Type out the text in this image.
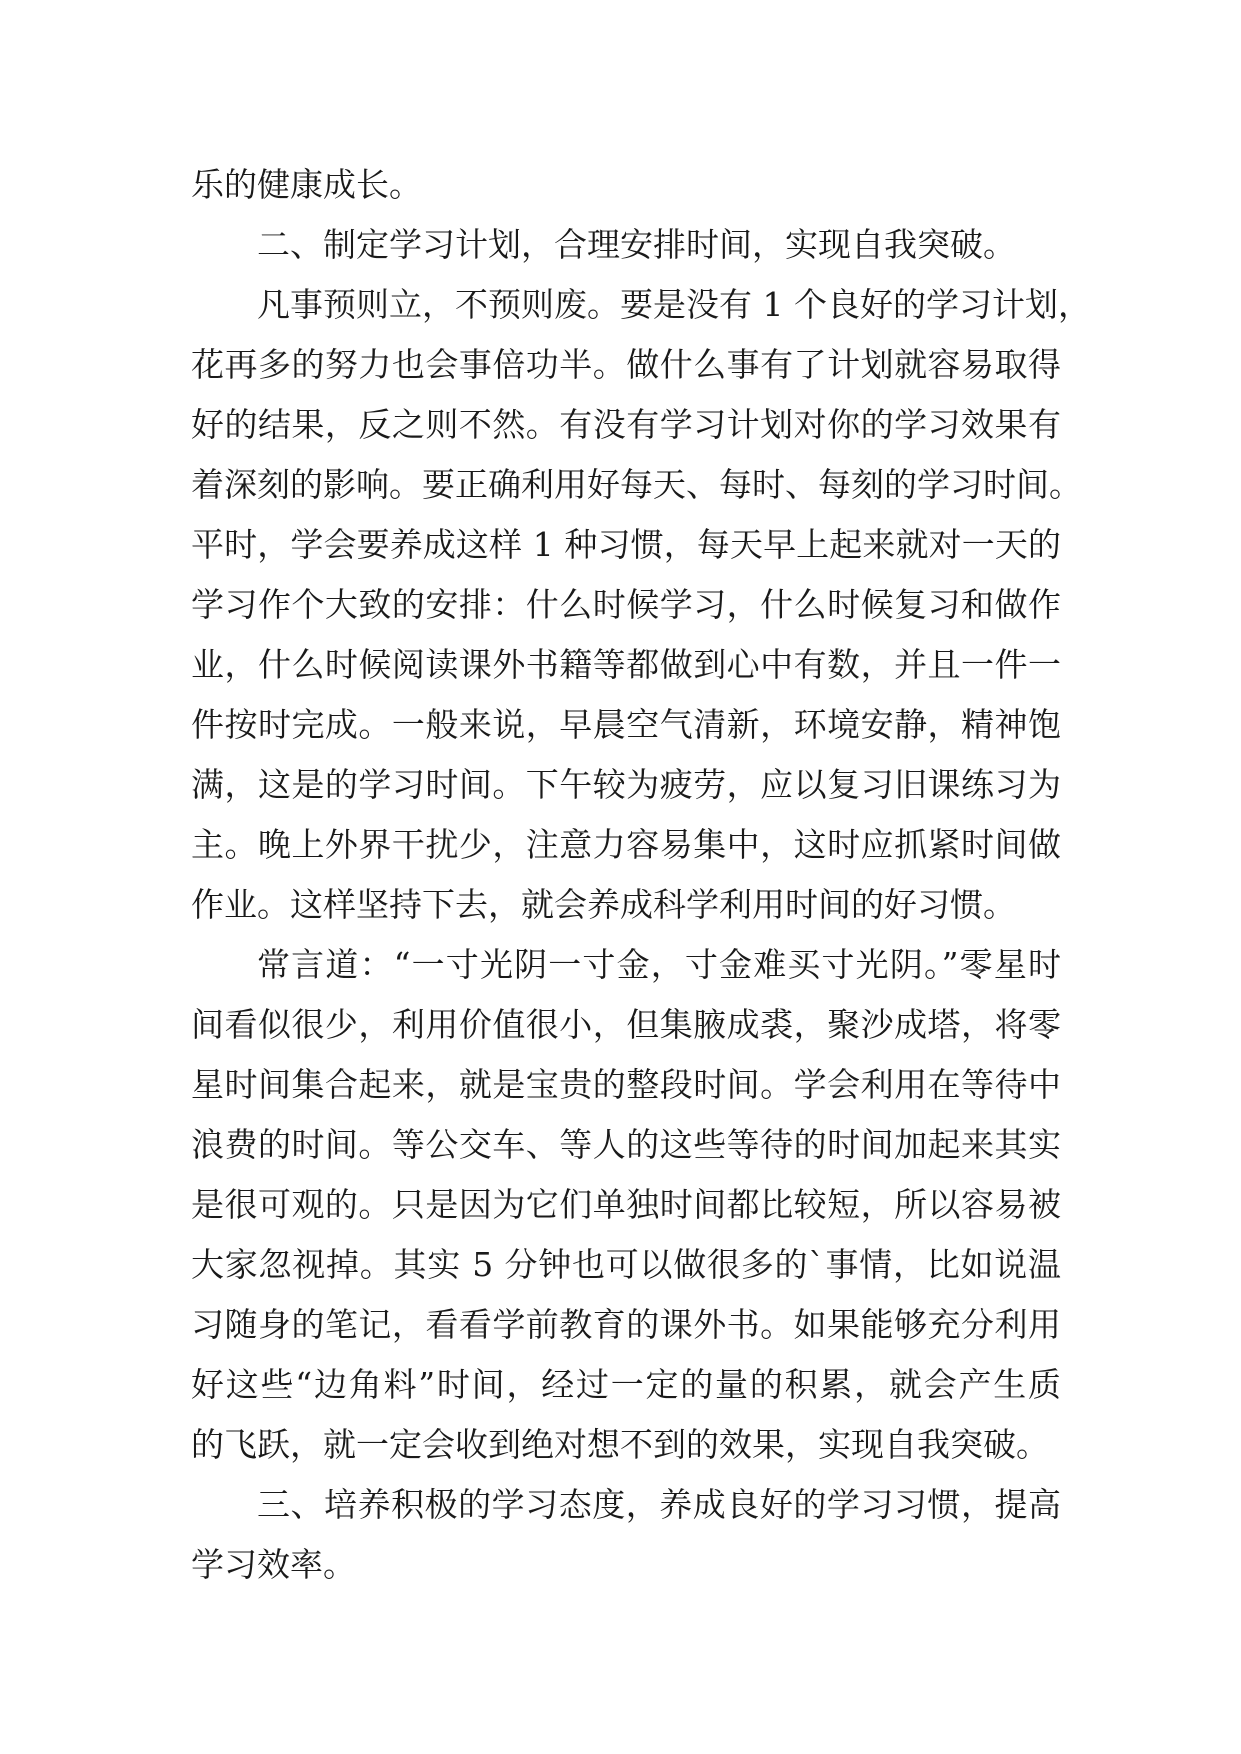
乐的健康成长。
二、制定学习计划，合理安排时间，实现自我突破。
凡事预则立，不预则废。要是没有 1 个良好的学习计划，
花再多的努力也会事倍功半。做什么事有了计划就容易取得
好的结果，反之则不然。有没有学习计划对你的学习效果有
着深刻的影响。要正确利用好每天、每时、每刻的学习时间。
平时，学会要养成这样 1 种习惯，每天早上起来就对一天的
学习作个大致的安排：什么时候学习，什么时候复习和做作
业，什么时候阅读课外书籍等都做到心中有数，并且一件一
件按时完成。一般来说，早晨空气清新，环境安静，精神饱
满，这是的学习时间。下午较为疲劳，应以复习旧课练习为
主。晚上外界干扰少，注意力容易集中，这时应抓紧时间做
作业。这样坚持下去，就会养成科学利用时间的好习惯。
常言道：“一寸光阴一寸金，寸金难买寸光阴。”零星时
间看似很少，利用价值很小，但集腋成裘，聚沙成塔，将零
星时间集合起来，就是宝贵的整段时间。学会利用在等待中
浪费的时间。等公交车、等人的这些等待的时间加起来其实
是很可观的。只是因为它们单独时间都比较短，所以容易被
大家忽视掉。其实 5 分钟也可以做很多的`事情，比如说温
习随身的笔记，看看学前教育的课外书。如果能够充分利用
好这些“边角料”时间，经过一定的量的积累，就会产生质
的飞跃，就一定会收到绝对想不到的效果，实现自我突破。
三、培养积极的学习态度，养成良好的学习习惯，提高
学习效率。
